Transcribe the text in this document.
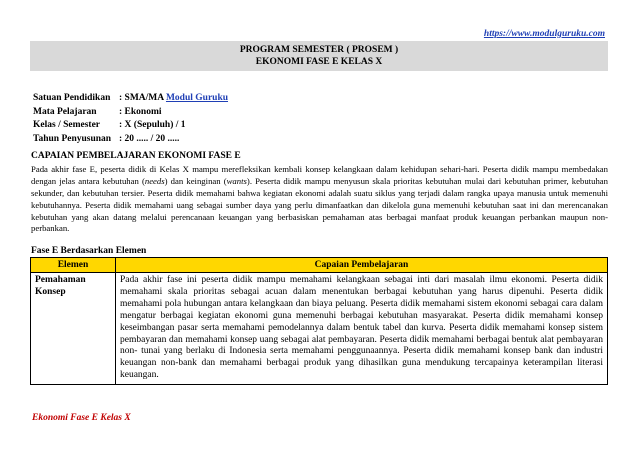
https://www.modulguruku.com
PROGRAM SEMESTER ( PROSEM )
EKONOMI FASE E KELAS X
Satuan Pendidikan	: SMA/MA Modul Guruku
Mata Pelajaran	: Ekonomi
Kelas / Semester	: X (Sepuluh) / 1
Tahun Penyusunan	: 20 ..... / 20 .....
CAPAIAN PEMBELAJARAN EKONOMI FASE E

Pada akhir fase E, peserta didik di Kelas X mampu merefleksikan kembali konsep kelangkaan dalam kehidupan sehari-hari. Peserta didik mampu membedakan dengan jelas antara kebutuhan (needs) dan keinginan (wants). Peserta didik mampu menyusun skala prioritas kebutuhan mulai dari kebutuhan primer, kebutuhan sekunder, dan kebutuhan tersier. Peserta didik memahami bahwa kegiatan ekonomi adalah suatu siklus yang terjadi dalam rangka upaya manusia untuk memenuhi kebutuhannya. Peserta didik memahami uang sebagai sumber daya yang perlu dimanfaatkan dan dikelola guna memenuhi kebutuhan saat ini dan merencanakan kebutuhan yang akan datang melalui perencanaan keuangan yang berbasiskan pemahaman atas berbagai manfaat produk keuangan perbankan maupun non- perbankan.

Fase E Berdasarkan Elemen
Elemen	Capaian Pembelajaran
Pemahaman Konsep	Pada akhir fase ini peserta didik mampu memahami kelangkaan sebagai inti dari masalah ilmu ekonomi. Peserta didik memahami skala prioritas sebagai acuan dalam menentukan berbagai kebutuhan yang harus dipenuhi. Peserta didik memahami pola hubungan antara kelangkaan dan biaya peluang. Peserta didik memahami sistem ekonomi sebagai cara dalam mengatur berbagai kegiatan ekonomi guna memenuhi berbagai kebutuhan masyarakat. Peserta didik memahami konsep keseimbangan pasar serta memahami pemodelannya dalam bentuk tabel dan kurva. Peserta didik memahami konsep sistem pembayaran dan memahami konsep uang sebagai alat pembayaran. Peserta didik memahami berbagai bentuk alat pembayaran non- tunai yang berlaku di Indonesia serta memahami penggunaannya. Peserta didik memahami konsep bank dan industri keuangan non-bank dan memahami berbagai produk yang dihasilkan guna mendukung tercapainya keterampilan literasi keuangan.
Ekonomi Fase E Kelas X
